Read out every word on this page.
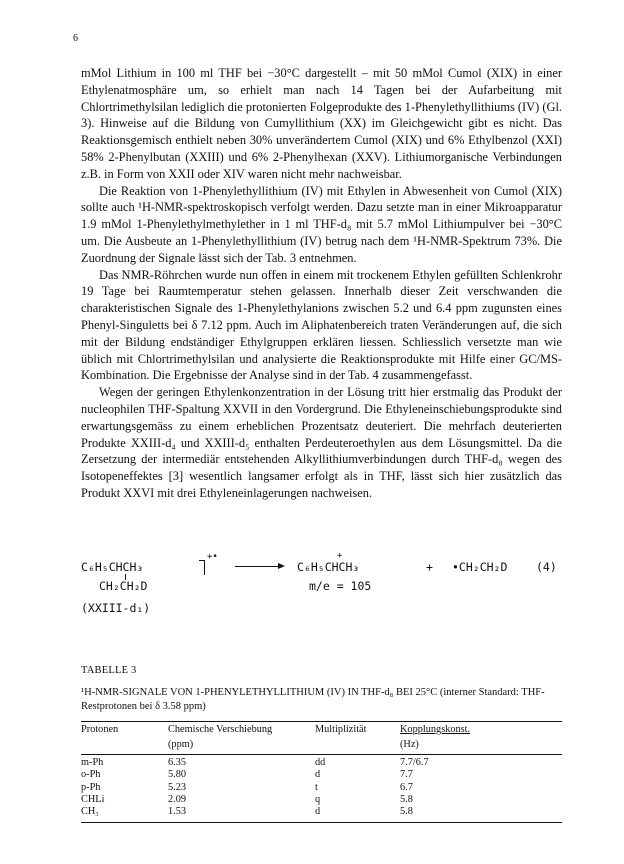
6

mMol Lithium in 100 ml THF bei −30°C dargestellt – mit 50 mMol Cumol (XIX) in einer Ethylenatmosphäre um, so erhielt man nach 14 Tagen bei der Aufarbeitung mit Chlortrimethylsilan lediglich die protonierten Folgeprodukte des 1-Phenylethyllithiums (IV) (Gl. 3). Hinweise auf die Bildung von Cumyllithium (XX) im Gleichgewicht gibt es nicht. Das Reaktionsgemisch enthielt neben 30% unverändertem Cumol (XIX) und 6% Ethylbenzol (XXI) 58% 2-Phenylbutan (XXIII) und 6% 2-Phenylhexan (XXV). Lithiumorganische Verbindungen z.B. in Form von XXII oder XIV waren nicht mehr nachweisbar.

Die Reaktion von 1-Phenylethyllithium (IV) mit Ethylen in Abwesenheit von Cumol (XIX) sollte auch ¹H-NMR-spektroskopisch verfolgt werden. Dazu setzte man in einer Mikroapparatur 1.9 mMol 1-Phenylethylmethylether in 1 ml THF-d₈ mit 5.7 mMol Lithiumpulver bei −30°C um. Die Ausbeute an 1-Phenylethyllithium (IV) betrug nach dem ¹H-NMR-Spektrum 73%. Die Zuordnung der Signale lässt sich der Tab. 3 entnehmen.

Das NMR-Röhrchen wurde nun offen in einem mit trockenem Ethylen gefüllten Schlenkrohr 19 Tage bei Raumtemperatur stehen gelassen. Innerhalb dieser Zeit verschwanden die charakteristischen Signale des 1-Phenylethylanions zwischen 5.2 und 6.4 ppm zugunsten eines Phenyl-Singuletts bei δ 7.12 ppm. Auch im Aliphatenbereich traten Veränderungen auf, die sich mit der Bildung endständiger Ethylgruppen erklären liessen. Schliesslich versetzte man wie üblich mit Chlortrimethylsilan und analysierte die Reaktionsprodukte mit Hilfe einer GC/MS-Kombination. Die Ergebnisse der Analyse sind in der Tab. 4 zusammengefasst.

Wegen der geringen Ethylenkonzentration in der Lösung tritt hier erstmalig das Produkt der nucleophilen THF-Spaltung XXVII in den Vordergrund. Die Ethyleneinschiebungsprodukte sind erwartungsgemäss zu einem erheblichen Prozentsatz deuteriert. Die mehrfach deuterierten Produkte XXIII-d₄ und XXIII-d₅ enthalten Perdeuteroethylen aus dem Lösungsmittel. Da die Zersetzung der intermediär entstehenden Alkyllithiumverbindungen durch THF-d₈ wegen des Isotopeneffektes [3] wesentlich langsamer erfolgt als in THF, lässt sich hier zusätzlich das Produkt XXVI mit drei Ethyleneinlagerungen nachweisen.

C₆H₅CHCH₃
+•
CH₂CH₂D
(XXIII-d₁)
C₆H₅CHCH₃
+
m/e = 105
+ •CH₂CH₂D (4)
TABELLE 3
¹H-NMR-SIGNALE VON 1-PHENYLETHYLLITHIUM (IV) IN THF-d₈ BEI 25°C (interner Standard: THF-Restprotonen bei δ 3.58 ppm)
Protonen	Chemische Verschiebung	Multiplizität	Kopplungskonst.
	(ppm)		(Hz)
m-Ph	6.35	dd	7.7/6.7
o-Ph	5.80	d	7.7
p-Ph	5.23	t	6.7
CHLi	2.09	q	5.8
CH₃	1.53	d	5.8
